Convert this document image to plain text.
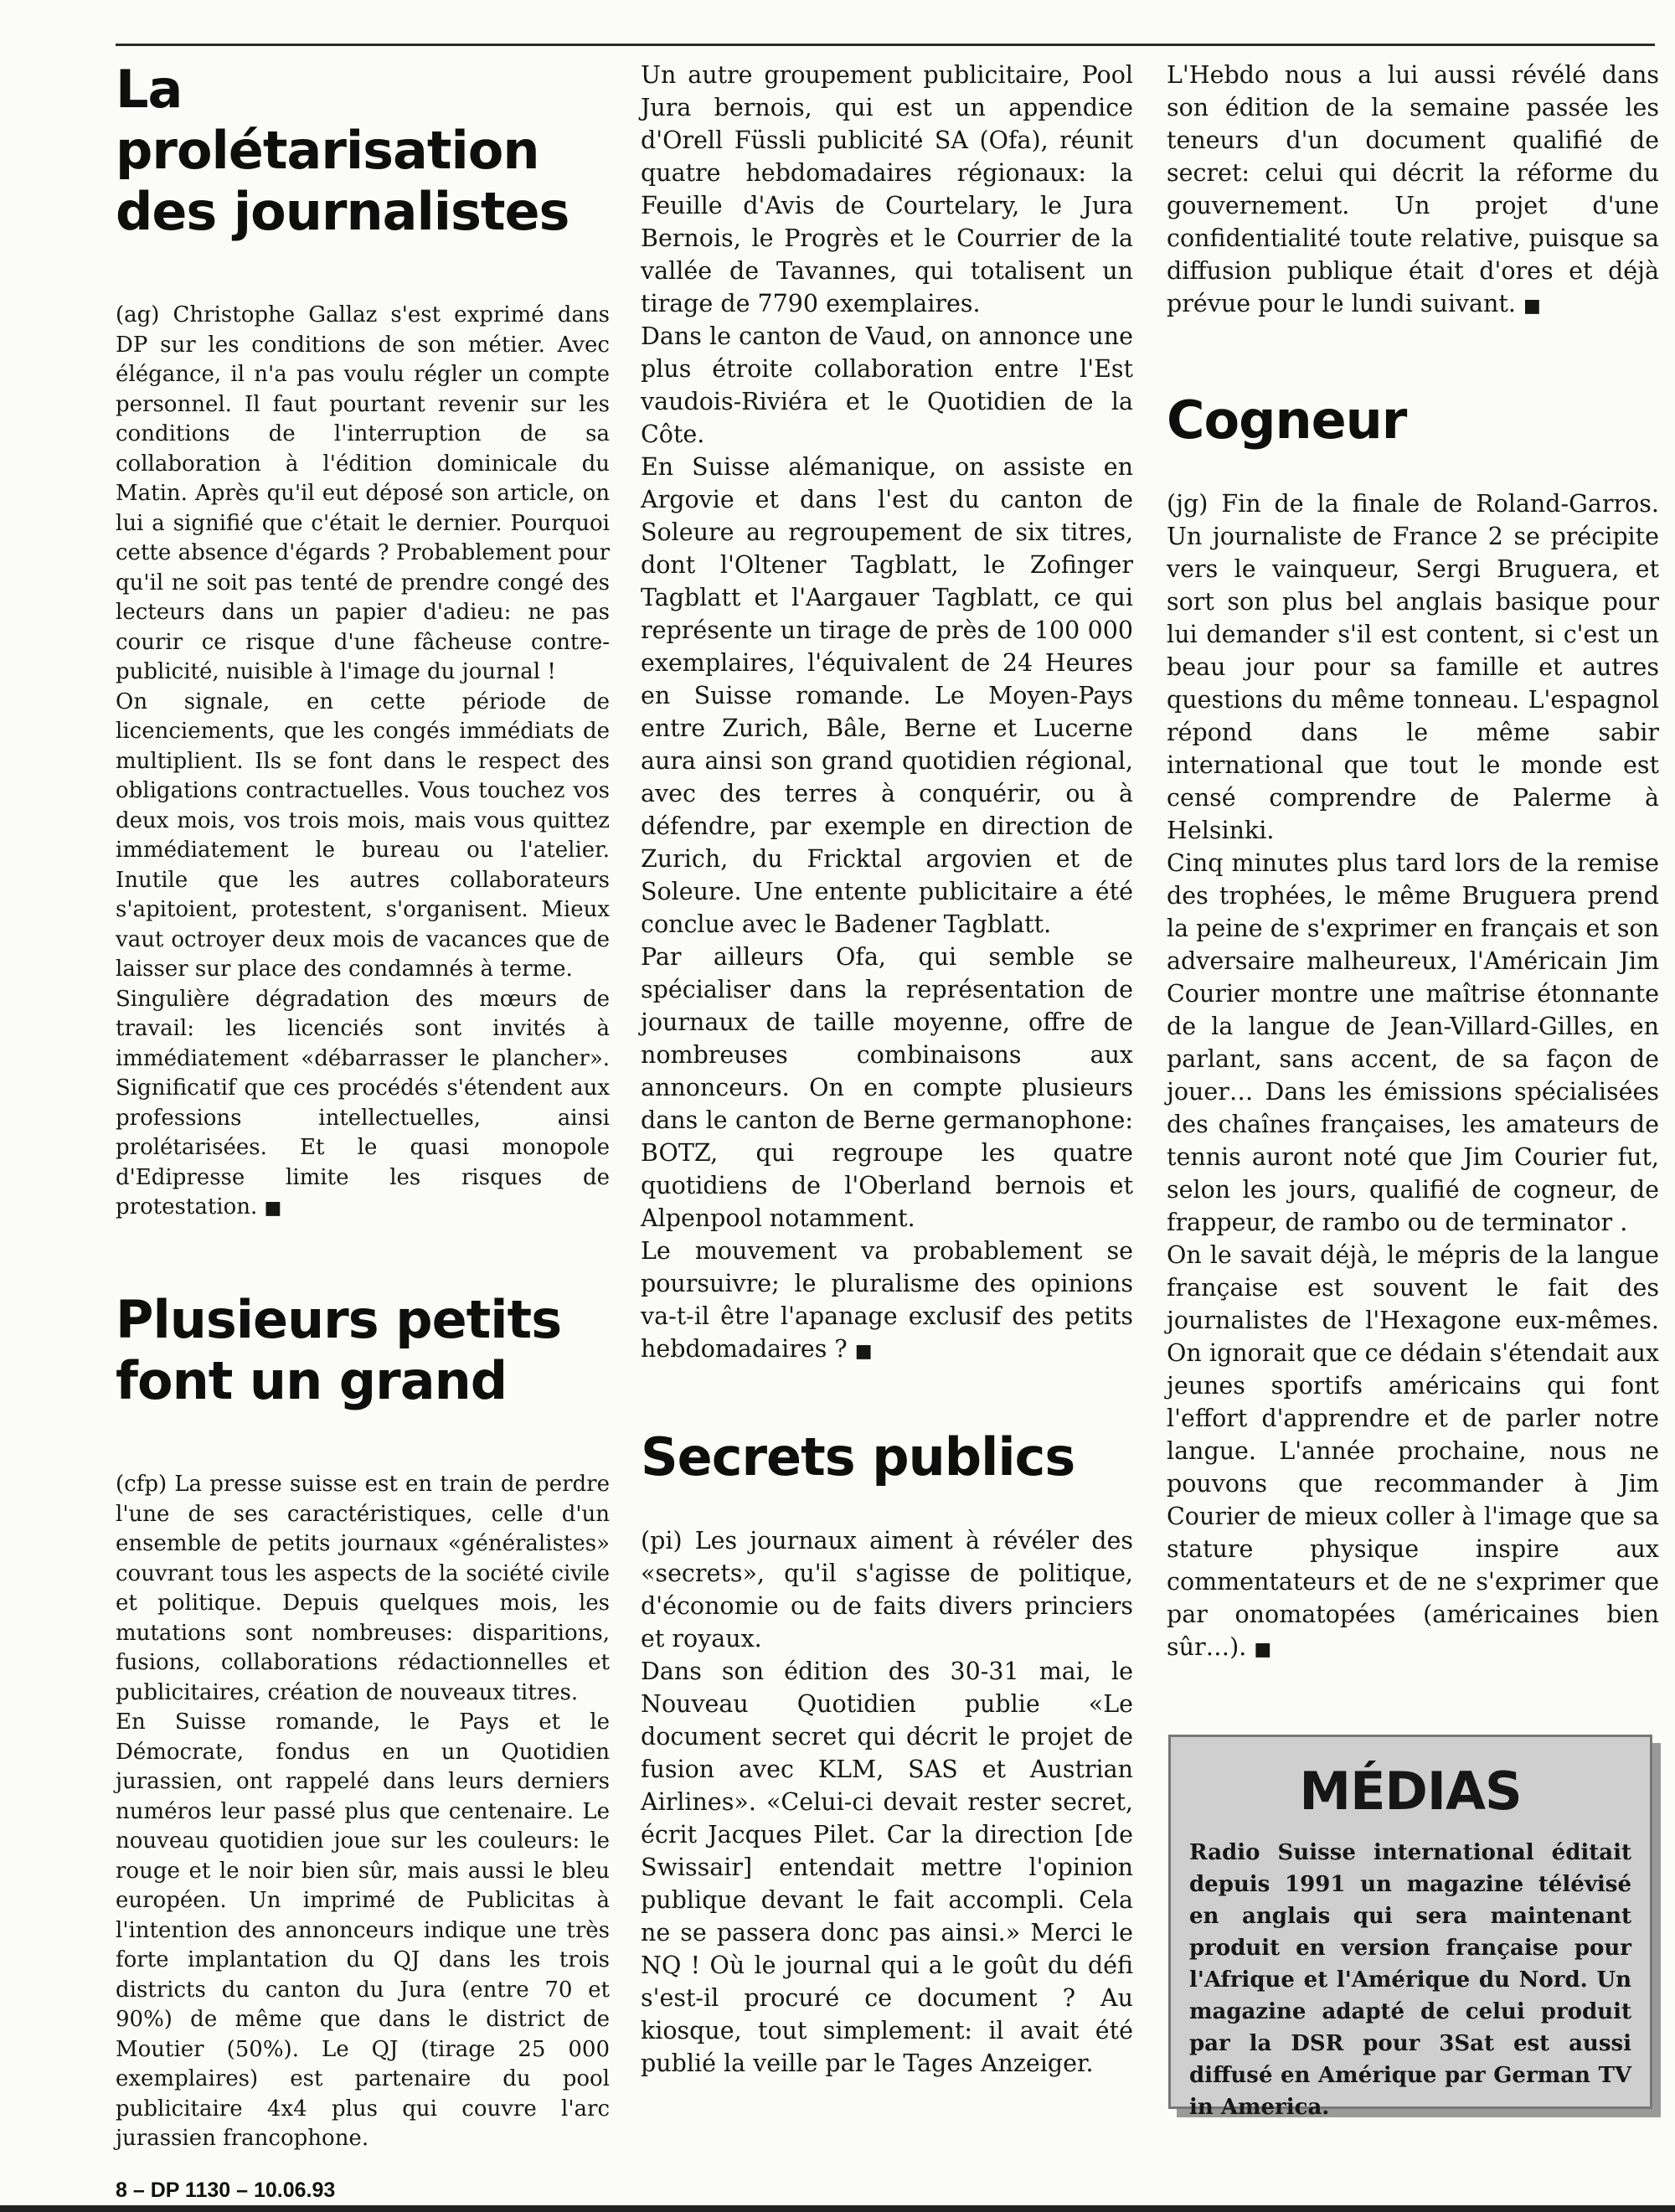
La prolétarisation des journalistes

(ag) Christophe Gallaz s'est exprimé dans DP sur les conditions de son métier. Avec élégance, il n'a pas voulu régler un compte personnel. Il faut pourtant revenir sur les conditions de l'interruption de sa collaboration à l'édition dominicale du Matin. Après qu'il eut déposé son article, on lui a signifié que c'était le dernier. Pourquoi cette absence d'égards ? Probablement pour qu'il ne soit pas tenté de prendre congé des lecteurs dans un papier d'adieu: ne pas courir ce risque d'une fâcheuse contre-publicité, nuisible à l'image du journal !

On signale, en cette période de licenciements, que les congés immédiats de multiplient. Ils se font dans le respect des obligations contractuelles. Vous touchez vos deux mois, vos trois mois, mais vous quittez immédiatement le bureau ou l'atelier. Inutile que les autres collaborateurs s'apitoient, protestent, s'organisent. Mieux vaut octroyer deux mois de vacances que de laisser sur place des condamnés à terme.

Singulière dégradation des mœurs de travail: les licenciés sont invités à immédiatement «débarrasser le plancher». Significatif que ces procédés s'étendent aux professions intellectuelles, ainsi prolétarisées. Et le quasi monopole d'Edipresse limite les risques de protestation. ■

Plusieurs petits font un grand

(cfp) La presse suisse est en train de perdre l'une de ses caractéristiques, celle d'un ensemble de petits journaux «généralistes» couvrant tous les aspects de la société civile et politique. Depuis quelques mois, les mutations sont nombreuses: disparitions, fusions, collaborations rédactionnelles et publicitaires, création de nouveaux titres.

En Suisse romande, le Pays et le Démocrate, fondus en un Quotidien jurassien, ont rappelé dans leurs derniers numéros leur passé plus que centenaire. Le nouveau quotidien joue sur les couleurs: le rouge et le noir bien sûr, mais aussi le bleu européen. Un imprimé de Publicitas à l'intention des annonceurs indique une très forte implantation du QJ dans les trois districts du canton du Jura (entre 70 et 90%) de même que dans le district de Moutier (50%). Le QJ (tirage 25 000 exemplaires) est partenaire du pool publicitaire 4x4 plus qui couvre l'arc jurassien francophone.

Un autre groupement publicitaire, Pool Jura bernois, qui est un appendice d'Orell Füssli publicité SA (Ofa), réunit quatre hebdomadaires régionaux: la Feuille d'Avis de Courtelary, le Jura Bernois, le Progrès et le Courrier de la vallée de Tavannes, qui totalisent un tirage de 7790 exemplaires.

Dans le canton de Vaud, on annonce une plus étroite collaboration entre l'Est vaudois-Riviéra et le Quotidien de la Côte.

En Suisse alémanique, on assiste en Argovie et dans l'est du canton de Soleure au regroupement de six titres, dont l'Oltener Tagblatt, le Zofinger Tagblatt et l'Aargauer Tagblatt, ce qui représente un tirage de près de 100 000 exemplaires, l'équivalent de 24 Heures en Suisse romande. Le Moyen-Pays entre Zurich, Bâle, Berne et Lucerne aura ainsi son grand quotidien régional, avec des terres à conquérir, ou à défendre, par exemple en direction de Zurich, du Fricktal argovien et de Soleure. Une entente publicitaire a été conclue avec le Badener Tagblatt.

Par ailleurs Ofa, qui semble se spécialiser dans la représentation de journaux de taille moyenne, offre de nombreuses combinaisons aux annonceurs. On en compte plusieurs dans le canton de Berne germanophone: BOTZ, qui regroupe les quatre quotidiens de l'Oberland bernois et Alpenpool notamment.

Le mouvement va probablement se poursuivre; le pluralisme des opinions va-t-il être l'apanage exclusif des petits hebdomadaires ? ■

Secrets publics

(pi) Les journaux aiment à révéler des «secrets», qu'il s'agisse de politique, d'économie ou de faits divers princiers et royaux.

Dans son édition des 30-31 mai, le Nouveau Quotidien publie «Le document secret qui décrit le projet de fusion avec KLM, SAS et Austrian Airlines». «Celui-ci devait rester secret, écrit Jacques Pilet. Car la direction [de Swissair] entendait mettre l'opinion publique devant le fait accompli. Cela ne se passera donc pas ainsi.» Merci le NQ ! Où le journal qui a le goût du défi s'est-il procuré ce document ? Au kiosque, tout simplement: il avait été publié la veille par le Tages Anzeiger.

L'Hebdo nous a lui aussi révélé dans son édition de la semaine passée les teneurs d'un document qualifié de secret: celui qui décrit la réforme du gouvernement. Un projet d'une confidentialité toute relative, puisque sa diffusion publique était d'ores et déjà prévue pour le lundi suivant. ■

Cogneur

(jg) Fin de la finale de Roland-Garros. Un journaliste de France 2 se précipite vers le vainqueur, Sergi Bruguera, et sort son plus bel anglais basique pour lui demander s'il est content, si c'est un beau jour pour sa famille et autres questions du même tonneau. L'espagnol répond dans le même sabir international que tout le monde est censé comprendre de Palerme à Helsinki.

Cinq minutes plus tard lors de la remise des trophées, le même Bruguera prend la peine de s'exprimer en français et son adversaire malheureux, l'Américain Jim Courier montre une maîtrise étonnante de la langue de Jean-Villard-Gilles, en parlant, sans accent, de sa façon de jouer… Dans les émissions spécialisées des chaînes françaises, les amateurs de tennis auront noté que Jim Courier fut, selon les jours, qualifié de cogneur, de frappeur, de rambo ou de terminator .

On le savait déjà, le mépris de la langue française est souvent le fait des journalistes de l'Hexagone eux-mêmes. On ignorait que ce dédain s'étendait aux jeunes sportifs américains qui font l'effort d'apprendre et de parler notre langue. L'année prochaine, nous ne pouvons que recommander à Jim Courier de mieux coller à l'image que sa stature physique inspire aux commentateurs et de ne s'exprimer que par onomatopées (américaines bien sûr…). ■

MÉDIAS

Radio Suisse international éditait depuis 1991 un magazine télévisé en anglais qui sera maintenant produit en version française pour l'Afrique et l'Amérique du Nord. Un magazine adapté de celui produit par la DSR pour 3Sat est aussi diffusé en Amérique par German TV in America.

8 – DP 1130 – 10.06.93
